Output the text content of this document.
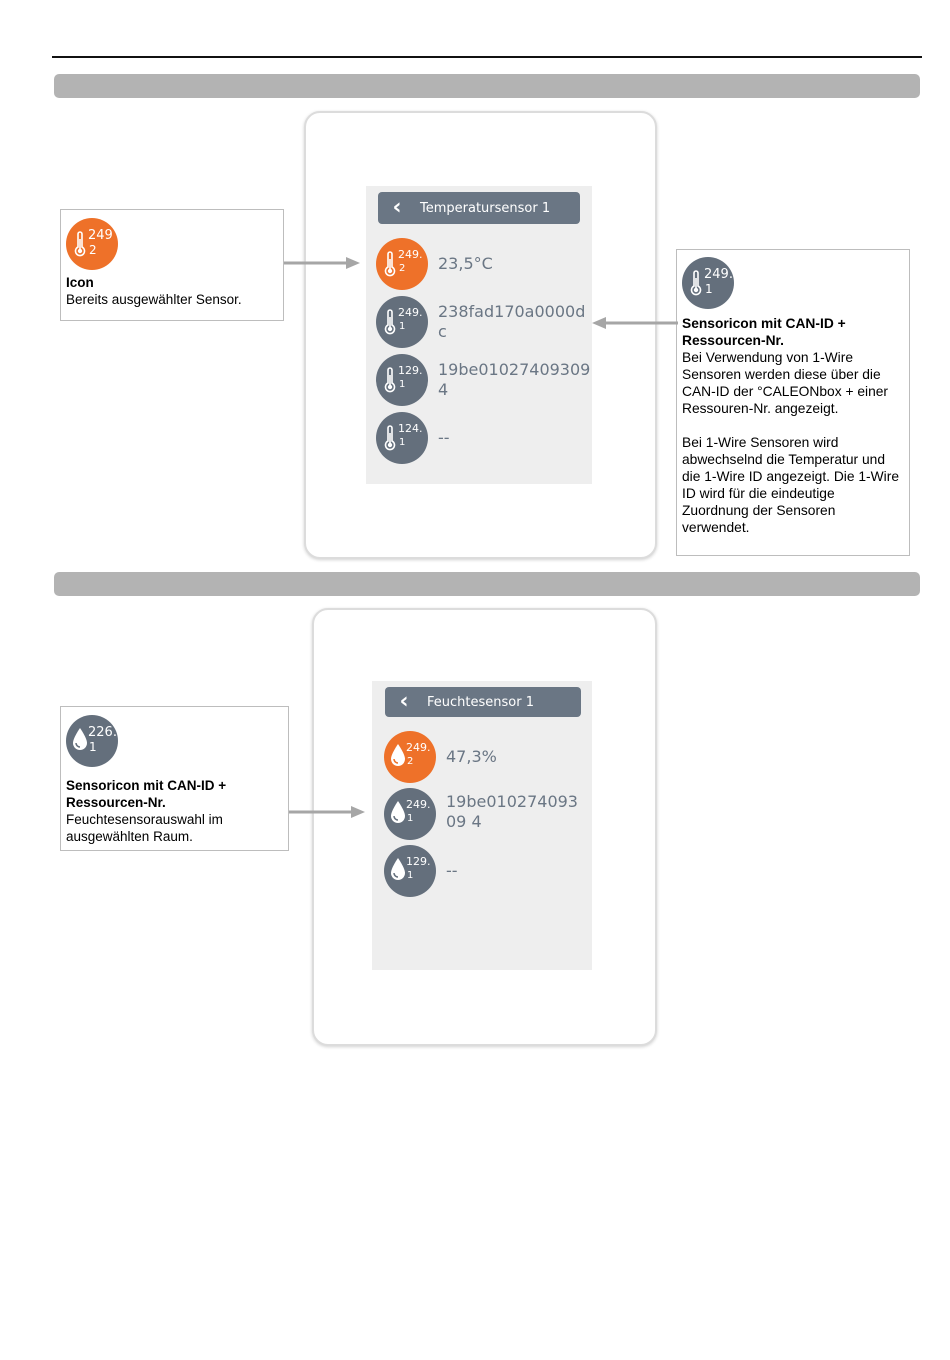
‹	Temperatursensor 1
249.
2 23,5°C
249.
1
238fad170a0000dc
129.
1
19be010274093094
124.
1 --
249
2
Icon
Bereits ausgewählter Sensor.
249.
1
Sensoricon mit CAN-ID + Ressourcen-Nr.
Bei Verwendung von 1-Wire Sensoren werden diese über die CAN-ID der °CALEONbox + einer Ressouren-Nr. angezeigt.
Bei 1-Wire Sensoren wird abwechselnd die Temperatur und die 1-Wire ID angezeigt. Die 1-Wire ID wird für die eindeutige Zuordnung der Sensoren verwendet.
‹	Feuchtesensor 1
249.
2 47,3%
249.
1
19be01027409309 4
129.
1 --
226.
1
Sensoricon mit CAN-ID + Ressourcen-Nr.
Feuchtesensorauswahl im ausgewählten Raum.
